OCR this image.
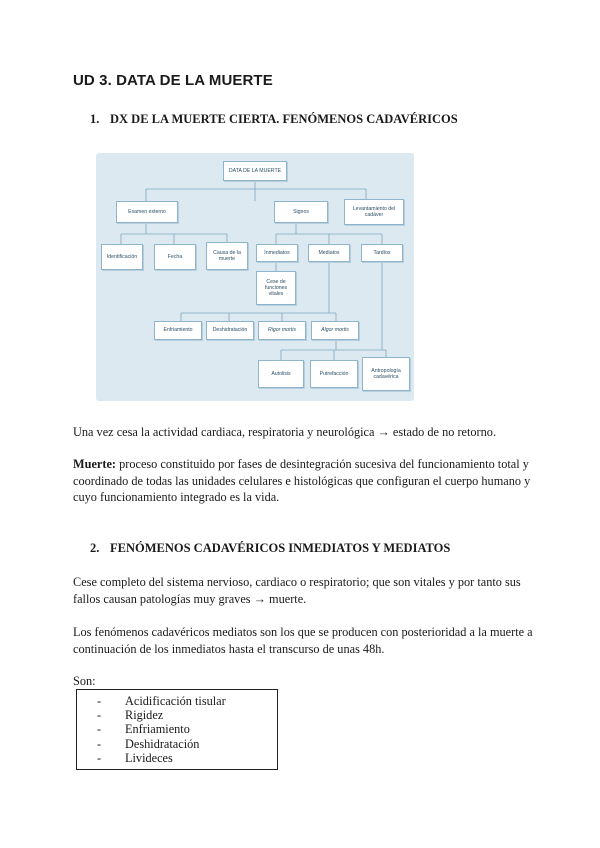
UD 3. DATA DE LA MUERTE
1. DX DE LA MUERTE CIERTA. FENÓMENOS CADAVÉRICOS
DATA DE LA MUERTE
Examen externo	Signos
Levantamiento del cadáver
Identificación	Fecha
Causa de la muerte
Inmediatos	Mediatos	Tardíos
Cese de funciones vitales
Enfriamiento	Deshidratación	Rigor mortis	Algor mortis
Autolisis	Putrefacción
Antropología cadavérica

Una vez cesa la actividad cardiaca, respiratoria y neurológica → estado de no retorno.

Muerte: proceso constituido por fases de desintegración sucesiva del funcionamiento total y coordinado de todas las unidades celulares e histológicas que configuran el cuerpo humano y cuyo funcionamiento integrado es la vida.

2. FENÓMENOS CADAVÉRICOS INMEDIATOS Y MEDIATOS

Cese completo del sistema nervioso, cardiaco o respiratorio; que son vitales y por tanto sus fallos causan patologías muy graves → muerte.

Los fenómenos cadavéricos mediatos son los que se producen con posterioridad a la muerte a continuación de los inmediatos hasta el transcurso de unas 48h.

Son:

- Acidificación tisular
- Rigidez
- Enfriamiento
- Deshidratación
- Livideces
